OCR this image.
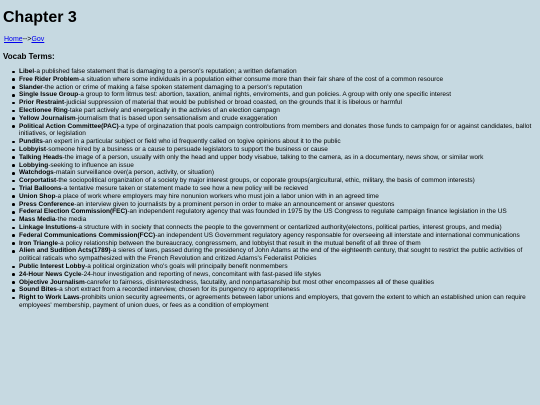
Chapter 3
Home-->Gov
Vocab Terms:
Libel-a published false statement that is damaging to a person's reputation; a written defamation
Free Rider Problem-a situation where some individuals in a population either consume more than their fair share of the cost of a common resource
Slander-the action or crime of making a false spoken statement damaging to a person's reputation
Single Issue Group-a group to form litmus test: abortion, taxation, animal rights, enviroments, and gun policies. A group with only one specific interest
Prior Restraint-judicial suppression of material that would be published or broad coasted, on the grounds that it is libelous or harmful
Electionee Ring-take part actively and energetically in the activies of an election campagn
Yellow Journalism-journalism that is based upon sensationalism and crude exaggeration
Political Action Committee(PAC)-a type of orginazation that pools campaign controlbutions from members and donates those funds to campaign for or against candidates, ballot initiatives, or legislation
Pundits-an expert in a particular subject or field who id frequently called on togive opinions about it to the public
Lobbyist-someone hired by a business or a cause to persuade legislators to support the business or cause
Talking Heads-the image of a person, usually with only the head and upper body visabue, talking to the camera, as in a documentary, news show, or similar work
Lobbying-seeking to influence an issue
Watchdogs-matain surveillance over(a person, activity, or situation)
Corportatist-the sociopolitical organization of a society by major interest groups, or coporate groups(argicultural, ethic, military, the basis of common interests)
Trial Balloons-a tentative mesure taken or statement made to see how a new policy will be recieved
Union Shop-a place of work where employers may hire nonunion workers who must join a labor union with in an agreed time
Press Conference-an interview given to journalists by a prominent person in order to make an announcement or answer questons
Federal Election Commission(FEC)-an independent regulatory agency that was founded in 1975 by the US Congress to regulate campaign finance legislation in the US
Mass Media-the media
Linkage Instutions-a structure with in society that connects the people to the government or centarlized authority(electons, political parties, interest groups, and media)
Federal Communications Commission(FCC)-an independent US Government regulatory agency responsable for overseeing all interstate and international communications
Iron Triangle-a policy relationship between the bureaucracy, congressmem, and lobbyist that result in the mutual benefit of all three of them
Alien and Sudition Acts(1789)-a sieres of laws, passed during the presidency of John Adams at the end of the eighteenth century, that sought to restrict the public activities of political raticals who sympathesized with the French Revolution and critized Adams's Federalist Policies
Public Interest Lobby-a political orginization who's goals will principally benefit nonmembers
24-Hour News Cycle-24-hour investigation and reporting of news, concomitant with fast-pased life styles
Objective Journalism-canrefer to fairness, disinterestedness, facutality, and nonpartasanship but most other encompasses all of these qualities
Sound Bites-a short extract from a recorded interview, chosen for its pungency ro appropriteness
Right to Work Laws-prohibits union security agreements, or agreements between labor unions and employers, that govern the extent to which an established union can require employees' membership, payment of union dues, or fees as a condition of employment
